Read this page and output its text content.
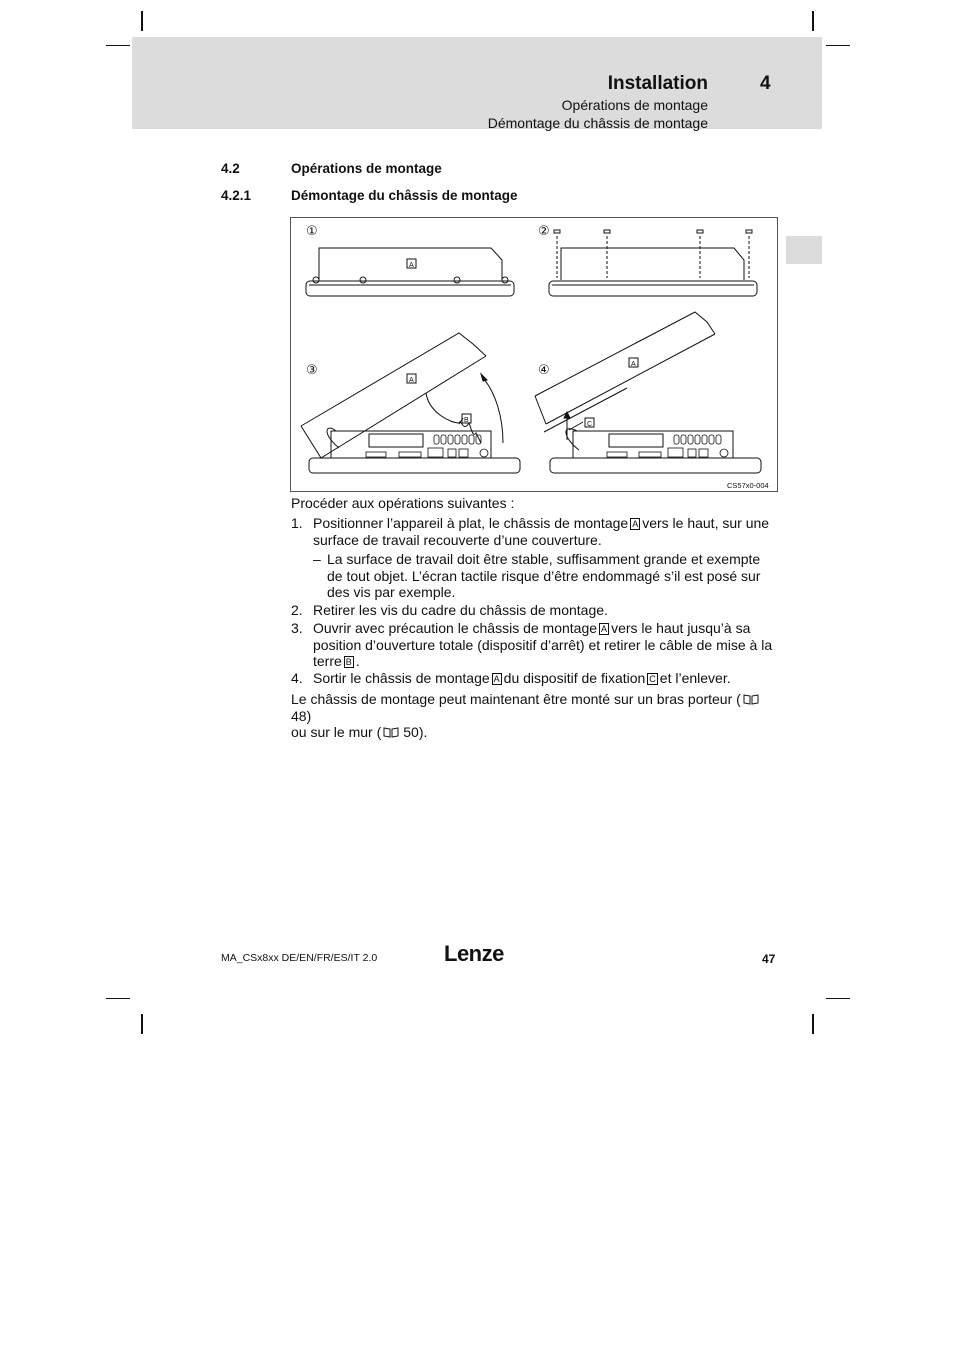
Installation	4
Opérations de montage
Démontage du châssis de montage
4.2	Opérations de montage
4.2.1	Démontage du châssis de montage
①	②
③	④
A
A
B
A
C
CS57x0-004
Procéder aux opérations suivantes :
1. Positionner l’appareil à plat, le châssis de montage A vers le haut, sur une surface de travail recouverte d’une couverture.
– La surface de travail doit être stable, suffisamment grande et exempte de tout objet. L’écran tactile risque d’être endommagé s’il est posé sur des vis par exemple.
2. Retirer les vis du cadre du châssis de montage.
3. Ouvrir avec précaution le châssis de montage A vers le haut jusqu’à sa position d’ouverture totale (dispositif d’arrêt) et retirer le câble de mise à la terre B .
4. Sortir le châssis de montage A du dispositif de fixation C et l’enlever.
Le châssis de montage peut maintenant être monté sur un bras porteur (48)
ou sur le mur ( 50).
MA_CSx8xx DE/EN/FR/ES/IT 2.0	Lenze	47
